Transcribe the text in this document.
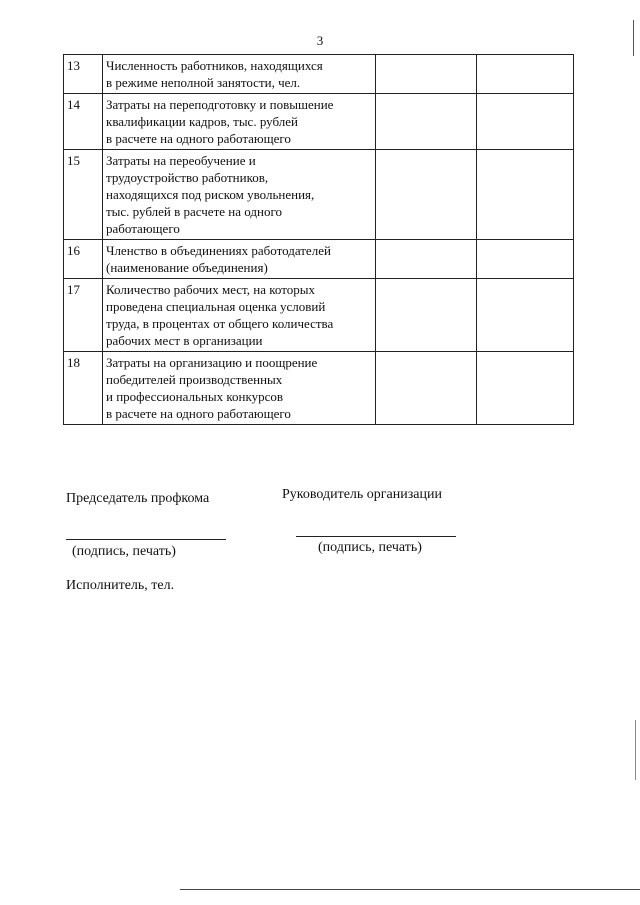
3
13	Численность работников, находящихся
в режиме неполной занятости, чел.		

14	Затраты на переподготовку и повышение
квалификации кадров, тыс. рублей
в расчете на одного работающего		

15	Затраты на переобучение и
трудоустройство работников,
находящихся под риском увольнения,
тыс. рублей в расчете на одного
работающего		

16	Членство в объединениях работодателей
(наименование объединения)		

17	Количество рабочих мест, на которых
проведена специальная оценка условий
труда, в процентах от общего количества
рабочих мест в организации		

18	Затраты на организацию и поощрение
победителей производственных
и профессиональных конкурсов
в расчете на одного работающего		

Председатель профкома	Руководитель организации
(подпись, печать)	(подпись, печать)
Исполнитель, тел.
